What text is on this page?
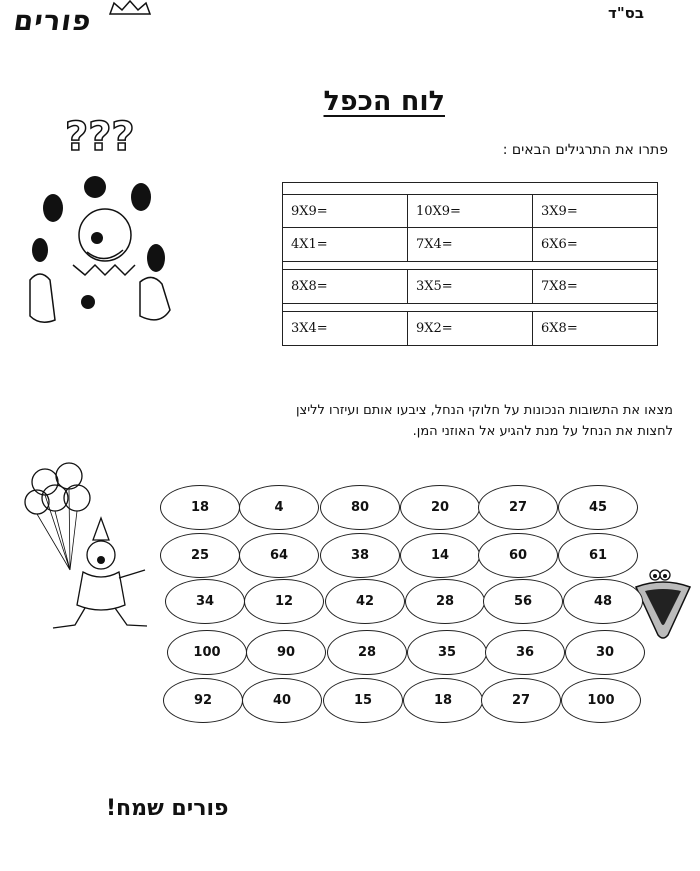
בס"ד
פורים
לוח הכפל
פתרו את התרגילים הבאים :
???

9X9=	10X9=	3X9=
4X1=	7X4=	6X6=

8X8=	3X5=	7X8=

3X4=	9X2=	6X8=
מצאו את התשובות הנכונות על חלוקי הנחל, ציבעו אותם ועיזרו לליצן לחצות את הנחל על מנת להגיע אל האוזני המן.
18	4	80	20	27	45
25	64	38	14	60	61
34	12	42	28	56	48
100	90	28	35	36	30
92	40	15	18	27	100
פורים שמח!
